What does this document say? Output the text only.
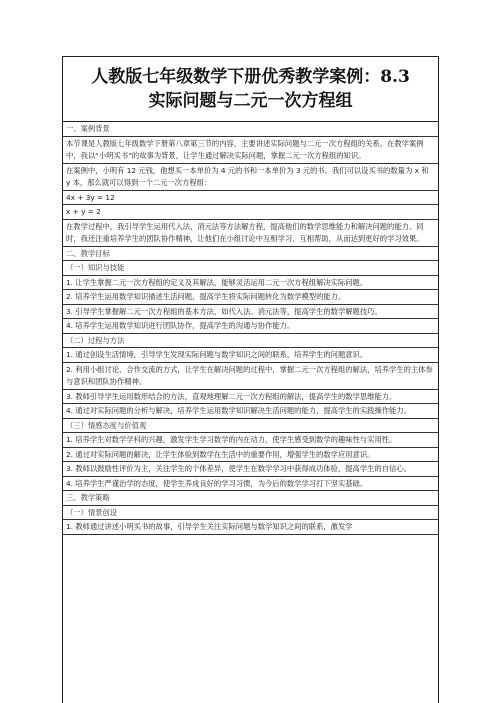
人教版七年级数学下册优秀教学案例：8.3
实际问题与二元一次方程组
一、案例背景
本节课是人教版七年级数学下册第八章第三节的内容，主要讲述实际问题与二元一次方程组的关系。在教学案例中，我以“小明买书”的故事为背景，让学生通过解决实际问题，掌握二元一次方程组的知识。
在案例中，小明有 12 元钱，他想买一本单价为 4 元的书和一本单价为 3 元的书。我们可以设买书的数量为 x 和 y 本，那么就可以得到一个二元一次方程组：
4x + 3y = 12
x + y = 2
在教学过程中，我引导学生运用代入法、消元法等方法解方程，提高他们的数学思维能力和解决问题的能力。同时，我还注重培养学生的团队协作精神，让他们在小组讨论中互相学习、互相帮助，从而达到更好的学习效果。
二、教学目标
（一）知识与技能
1. 让学生掌握二元一次方程组的定义及其解法，能够灵活运用二元一次方程组解决实际问题。
2. 培养学生运用数学知识描述生活问题，提高学生将实际问题转化为数学模型的能力。
3. 引导学生掌握解二元一次方程组的基本方法，如代入法、消元法等，提高学生的数学解题技巧。
4. 培养学生运用数学知识进行团队协作，提高学生的沟通与协作能力。
（二）过程与方法
1. 通过创设生活情境，引导学生发现实际问题与数学知识之间的联系，培养学生的问题意识。
2. 利用小组讨论、合作交流的方式，让学生在解决问题的过程中，掌握二元一次方程组的解法，培养学生的主体参与意识和团队协作精神。
3. 教师引导学生运用数形结合的方法，直观地理解二元一次方程组的解法，提高学生的数学思维能力。
4. 通过对实际问题的分析与解决，培养学生运用数学知识解决生活问题的能力，提高学生的实践操作能力。
（三）情感态度与价值观
1. 培养学生对数学学科的兴趣，激发学生学习数学的内在动力，使学生感受到数学的趣味性与实用性。
2. 通过对实际问题的解决，让学生体验到数学在生活中的重要作用，增强学生的数学应用意识。
3. 教师以鼓励性评价为主，关注学生的个体差异，使学生在数学学习中获得成功体验，提高学生的自信心。
4. 培养学生严谨治学的态度，使学生养成良好的学习习惯，为今后的数学学习打下坚实基础。
三、教学策略
（一）情景创设
1. 教师通过讲述小明买书的故事，引导学生关注实际问题与数学知识之间的联系，激发学
